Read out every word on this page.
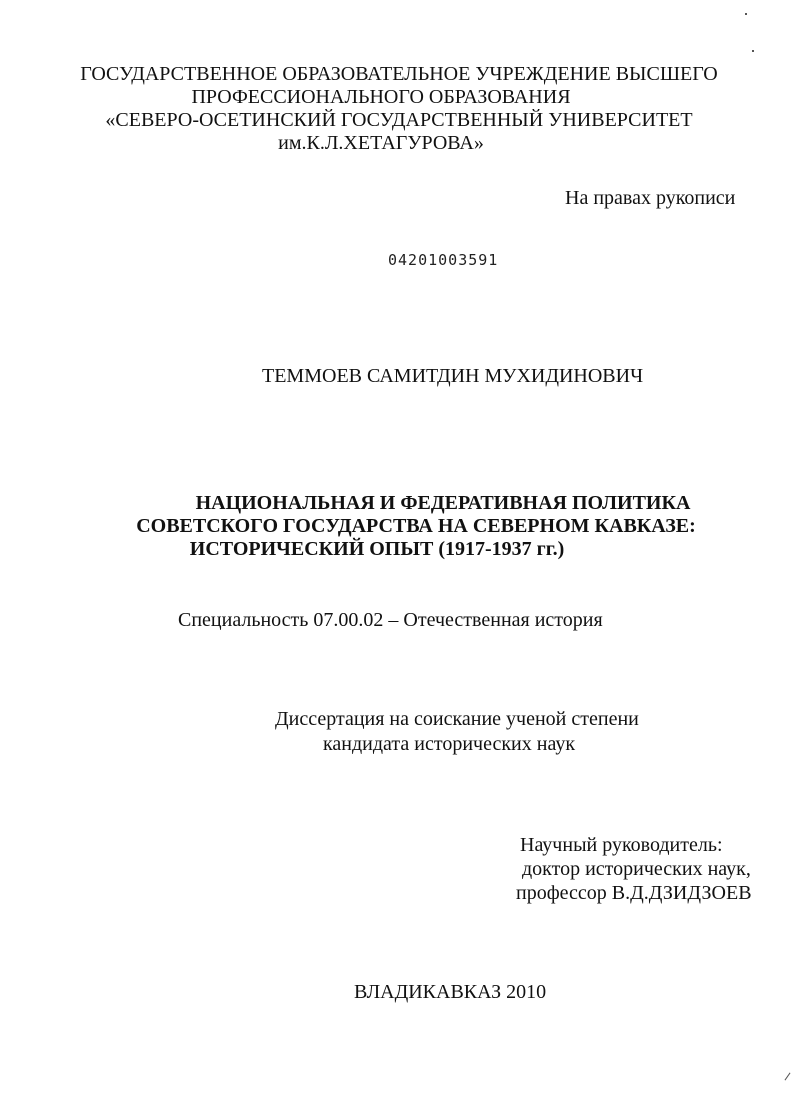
ГОСУДАРСТВЕННОЕ ОБРАЗОВАТЕЛЬНОЕ УЧРЕЖДЕНИЕ ВЫСШЕГО
ПРОФЕССИОНАЛЬНОГО ОБРАЗОВАНИЯ
«СЕВЕРО-ОСЕТИНСКИЙ ГОСУДАРСТВЕННЫЙ УНИВЕРСИТЕТ
им.К.Л.ХЕТАГУРОВА»
На правах рукописи
04201003591
ТЕММОЕВ САМИТДИН МУХИДИНОВИЧ
НАЦИОНАЛЬНАЯ И ФЕДЕРАТИВНАЯ ПОЛИТИКА
СОВЕТСКОГО ГОСУДАРСТВА НА СЕВЕРНОМ КАВКАЗЕ:
ИСТОРИЧЕСКИЙ ОПЫТ (1917-1937 гг.)
Специальность 07.00.02 – Отечественная история
Диссертация на соискание ученой степени
кандидата исторических наук
Научный руководитель:
доктор исторических наук,
профессор В.Д.ДЗИДЗОЕВ
ВЛАДИКАВКАЗ 2010
